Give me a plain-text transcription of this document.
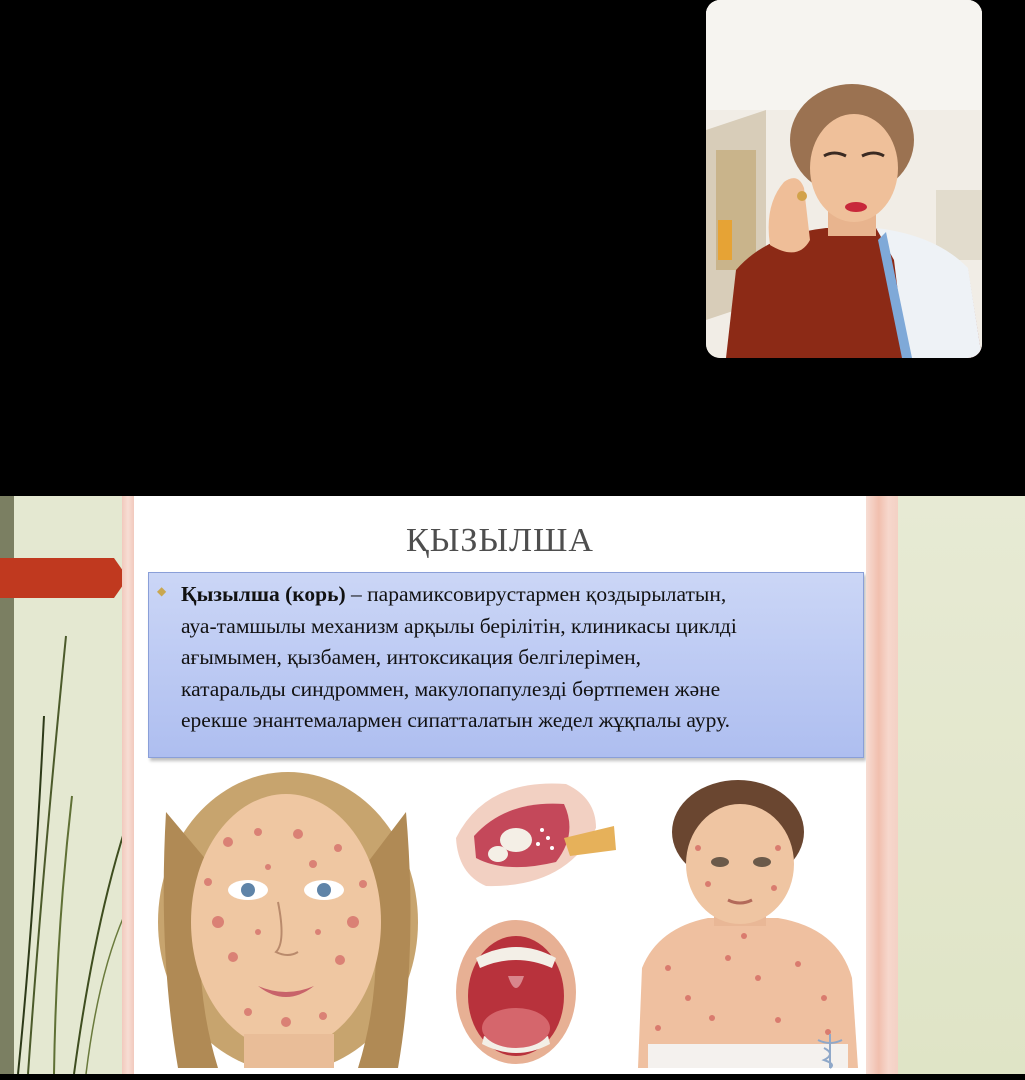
ҚЫЗЫЛША
◆ Қызылша (корь) – парамиксовирустармен қоздырылатын,
ауа-тамшылы механизм арқылы берілітін, клиникасы циклді
ағымымен, қызбамен, интоксикация белгілерімен,
катаральды синдроммен, макулопапулезді бөртпемен және
ерекше энантемалармен сипатталатын жедел жұқпалы ауру.
